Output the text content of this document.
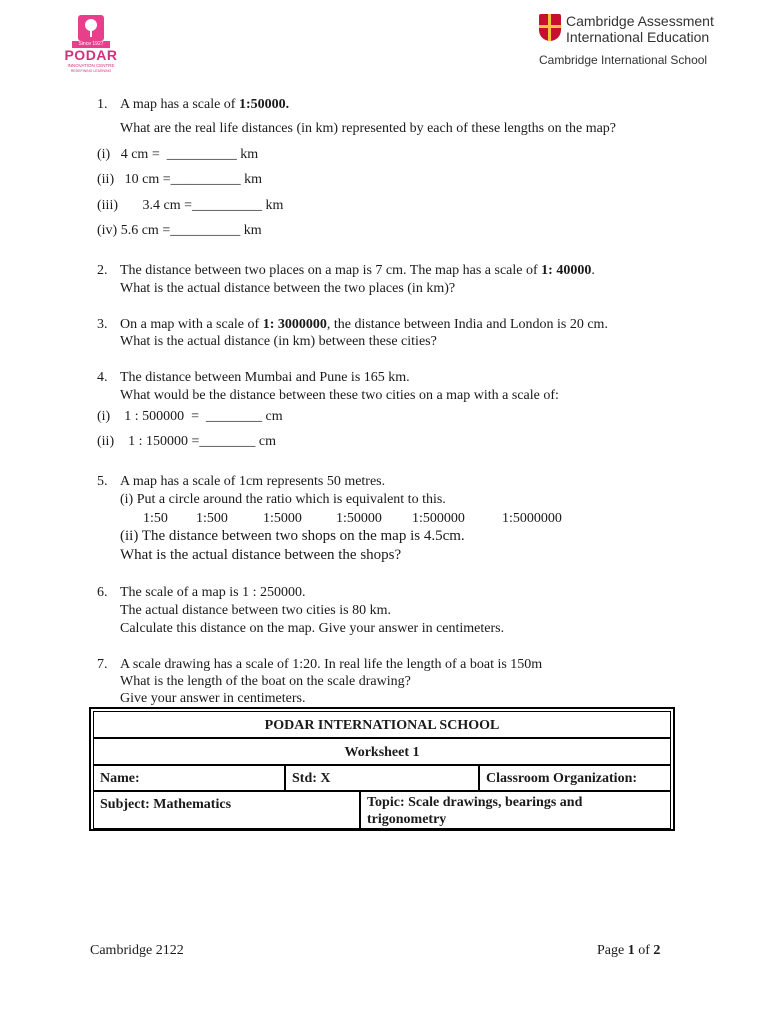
Since 1927
PODAR
INNOVATION CENTRE
REDEFINING LEARNING
Cambridge Assessment
International Education
Cambridge International School
1. A map has a scale of 1:50000.
What are the real life distances (in km) represented by each of these lengths on the map?
(i)   4 cm =  __________ km
(ii)   10 cm =__________ km
(iii)       3.4 cm =__________ km
(iv) 5.6 cm =__________ km
2. The distance between two places on a map is 7 cm. The map has a scale of 1: 40000.
What is the actual distance between the two places (in km)?
3. On a map with a scale of 1: 3000000, the distance between India and London is 20 cm.
What is the actual distance (in km) between these cities?
4. The distance between Mumbai and Pune is 165 km.
What would be the distance between these two cities on a map with a scale of:
(i)    1 : 500000  =  ________ cm
(ii)    1 : 150000 =________ cm
5. A map has a scale of 1cm represents 50 metres.
(i) Put a circle around the ratio which is equivalent to this.
1:50 1:500	1:5000 1:50000 1:500000	1:5000000
(ii) The distance between two shops on the map is 4.5cm.
What is the actual distance between the shops?
6. The scale of a map is 1 : 250000.
The actual distance between two cities is 80 km.
Calculate this distance on the map. Give your answer in centimeters.
7. A scale drawing has a scale of 1:20. In real life the length of a boat is 150m
What is the length of the boat on the scale drawing?
Give your answer in centimeters.
PODAR INTERNATIONAL SCHOOL
Worksheet 1
Name:	Std: X	Classroom Organization:
Subject: Mathematics	Topic: Scale drawings, bearings and trigonometry
Cambridge 2122	Page 1 of 2
